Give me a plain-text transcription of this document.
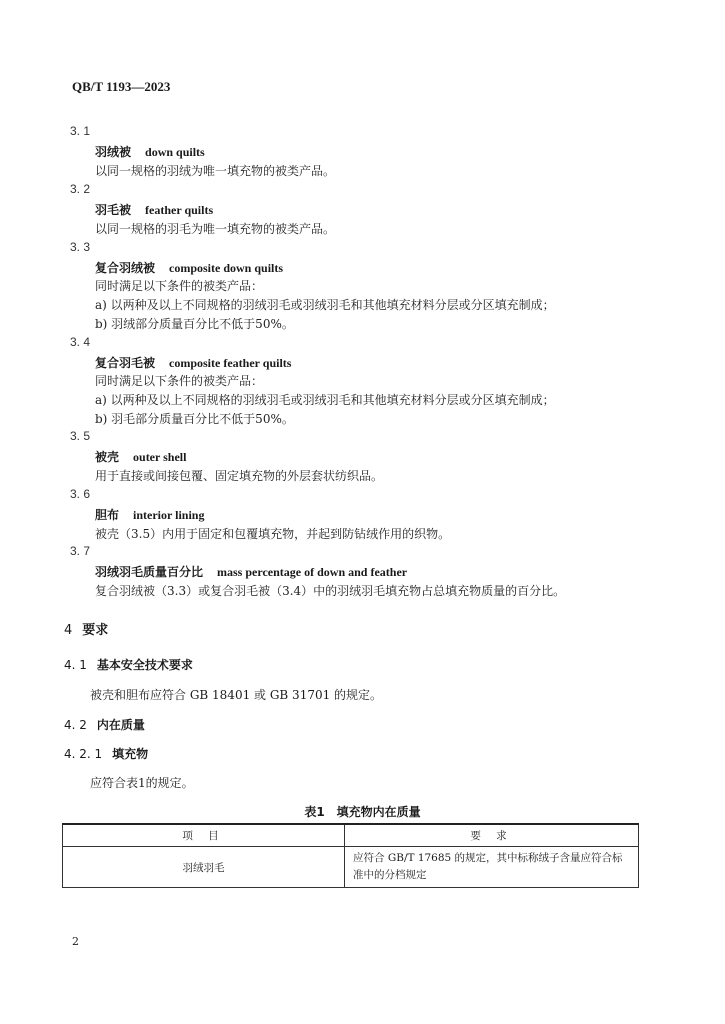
QB/T 1193—2023
3. 1
羽绒被 down quilts
以同一规格的羽绒为唯一填充物的被类产品。
3. 2
羽毛被 feather quilts
以同一规格的羽毛为唯一填充物的被类产品。
3. 3
复合羽绒被 composite down quilts
同时满足以下条件的被类产品：
a) 以两种及以上不同规格的羽绒羽毛或羽绒羽毛和其他填充材料分层或分区填充制成；
b) 羽绒部分质量百分比不低于50%。
3. 4
复合羽毛被 composite feather quilts
同时满足以下条件的被类产品：
a) 以两种及以上不同规格的羽绒羽毛或羽绒羽毛和其他填充材料分层或分区填充制成；
b) 羽毛部分质量百分比不低于50%。
3. 5
被壳 outer shell
用于直接或间接包覆、固定填充物的外层套状纺织品。
3. 6
胆布 interior lining
被壳（3.5）内用于固定和包覆填充物，并起到防钻绒作用的织物。
3. 7
羽绒羽毛质量百分比 mass percentage of down and feather
复合羽绒被（3.3）或复合羽毛被（3.4）中的羽绒羽毛填充物占总填充物质量的百分比。
4 要求
4. 1 基本安全技术要求
被壳和胆布应符合 GB 18401 或 GB 31701 的规定。
4. 2 内在质量
4. 2. 1 填充物
应符合表1的规定。
表1　填充物内在质量
项 目	要 求
羽绒羽毛	应符合 GB/T 17685 的规定，其中标称绒子含量应符合标准中的分档规定
2
